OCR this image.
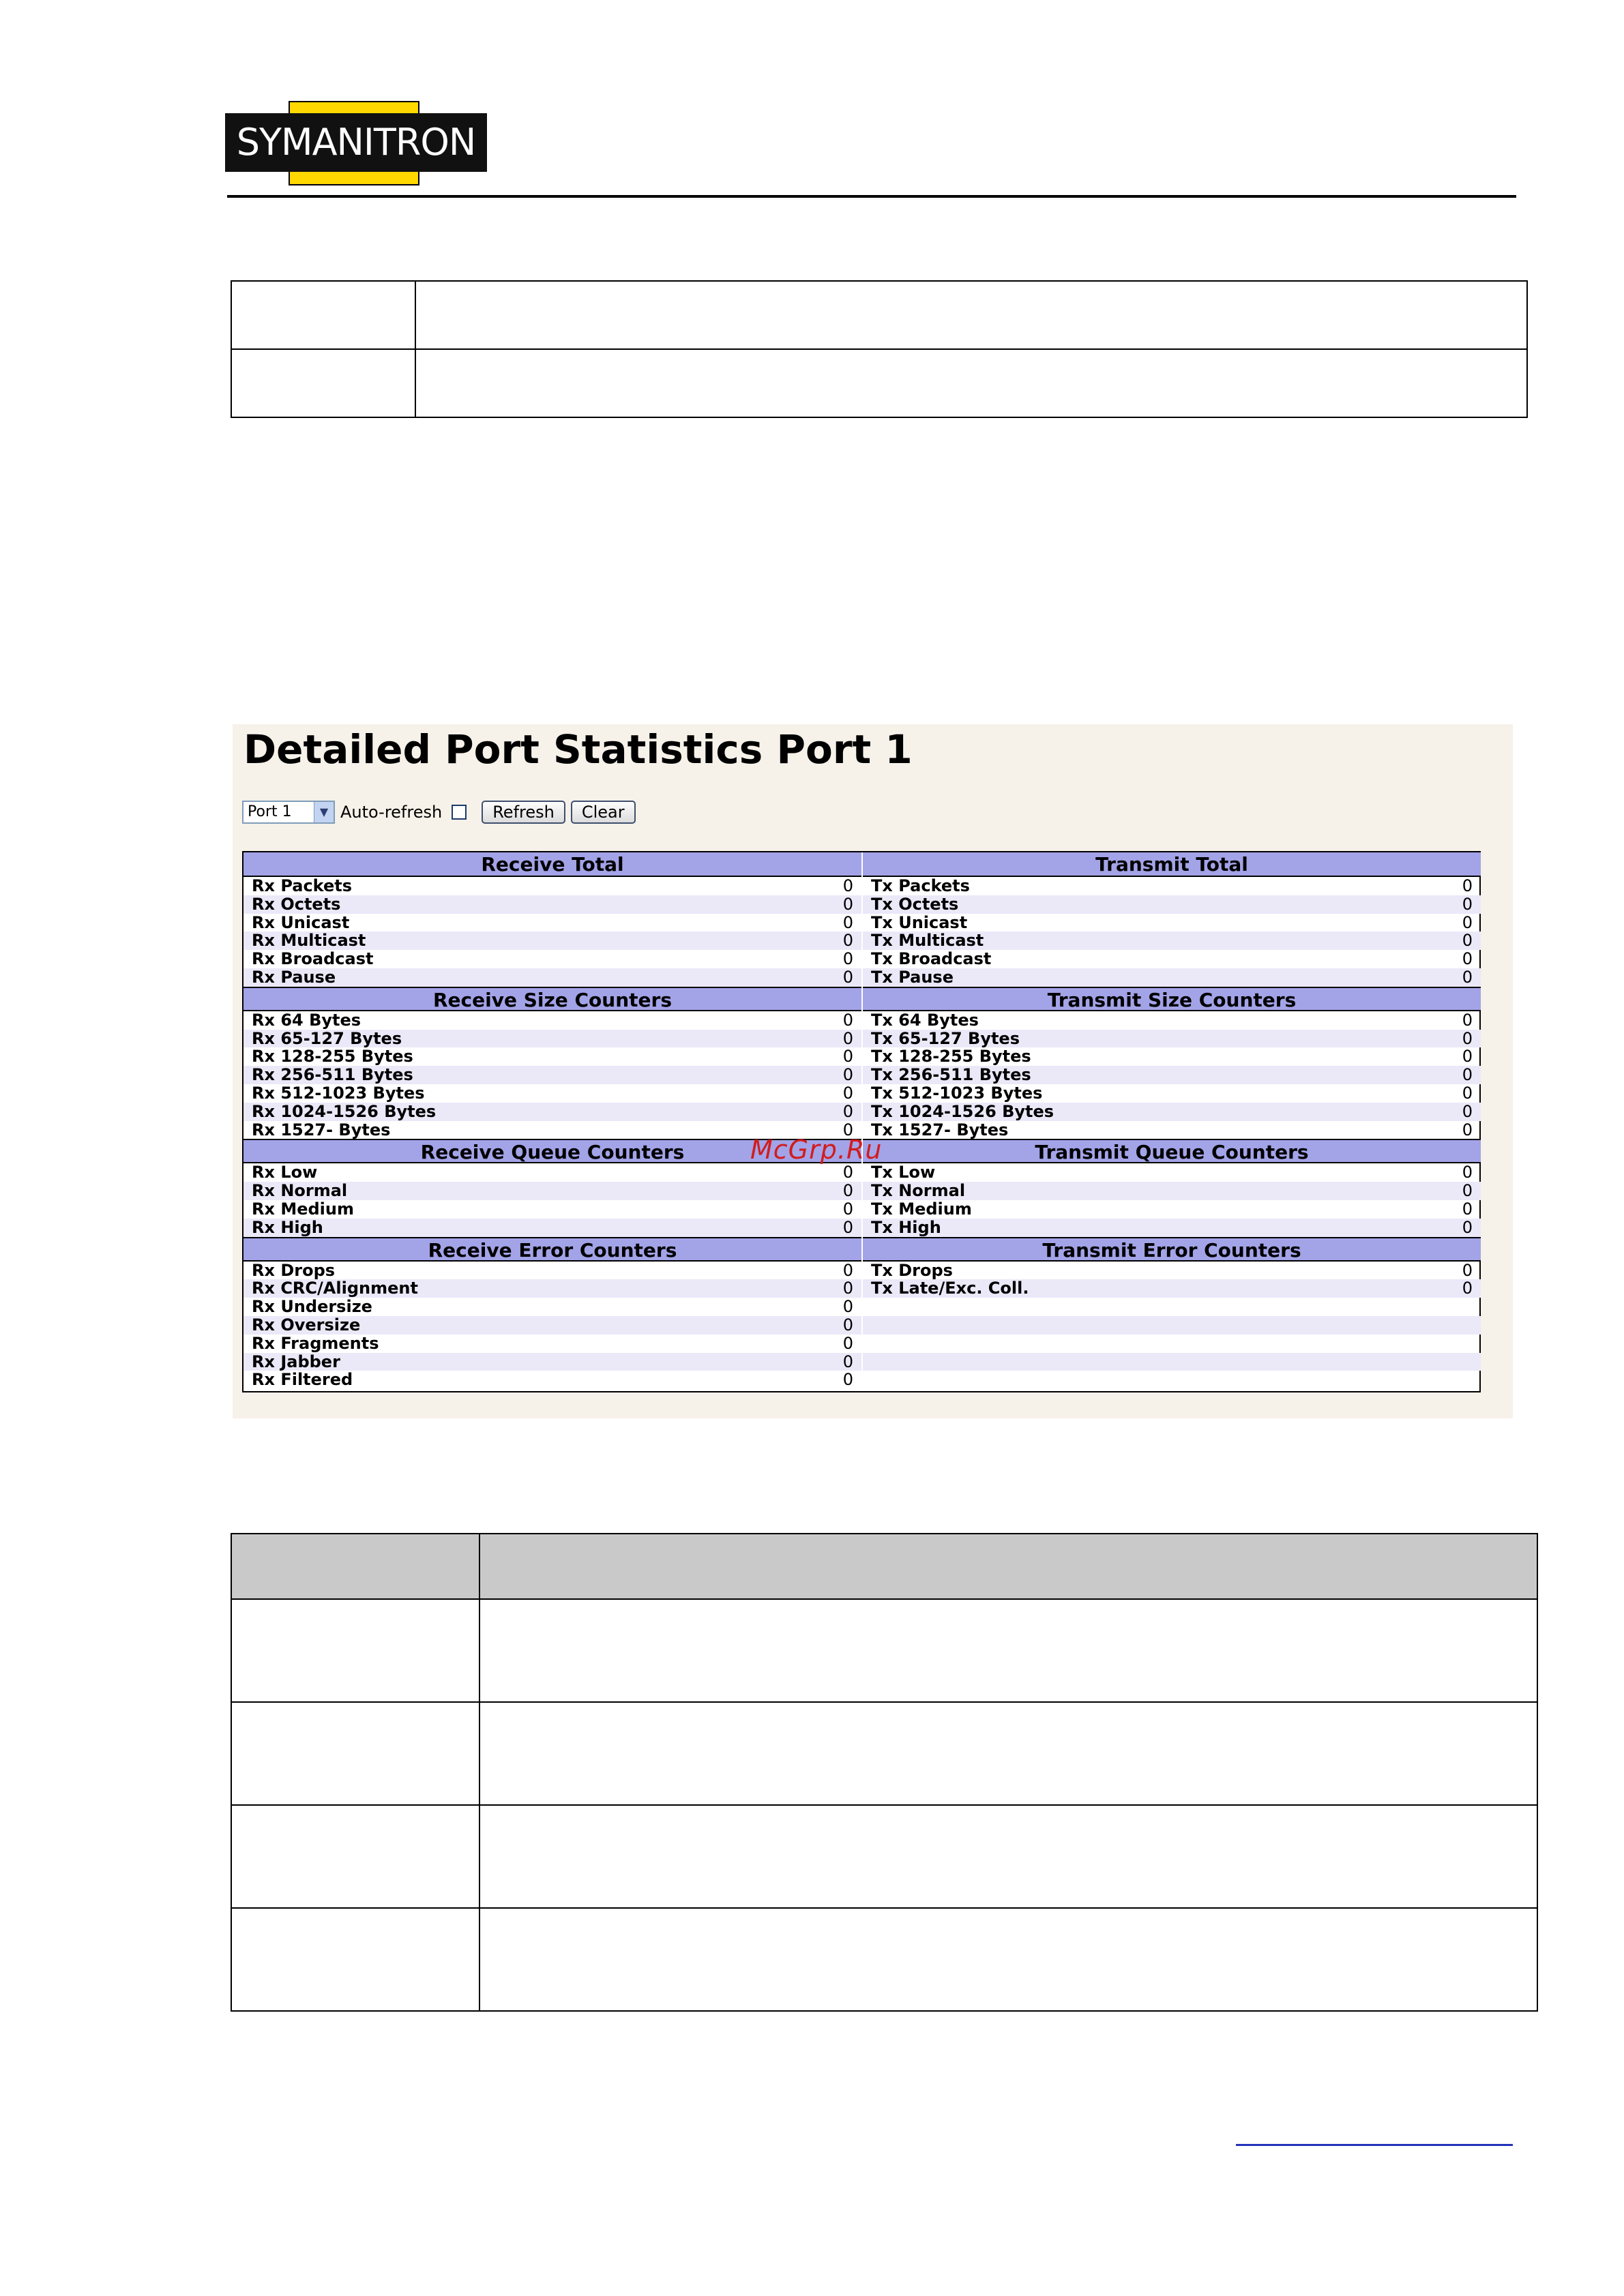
SYMANITRON

Detailed Port Statistics Port 1
Port 1	▼ Auto-refresh	Refresh	Clear
Receive Total
Rx Packets	0
Rx Octets	0
Rx Unicast	0
Rx Multicast	0
Rx Broadcast	0
Rx Pause	0
Receive Size Counters
Rx 64 Bytes	0
Rx 65-127 Bytes	0
Rx 128-255 Bytes	0
Rx 256-511 Bytes	0
Rx 512-1023 Bytes	0
Rx 1024-1526 Bytes	0
Rx 1527- Bytes	0
Receive Queue Counters
Rx Low	0
Rx Normal	0
Rx Medium	0
Rx High	0
Receive Error Counters
Rx Drops	0
Rx CRC/Alignment	0
Rx Undersize	0
Rx Oversize	0
Rx Fragments	0
Rx Jabber	0
Rx Filtered	0
Transmit Total
Tx Packets	0
Tx Octets	0
Tx Unicast	0
Tx Multicast	0
Tx Broadcast	0
Tx Pause	0
Transmit Size Counters
Tx 64 Bytes	0
Tx 65-127 Bytes	0
Tx 128-255 Bytes	0
Tx 256-511 Bytes	0
Tx 512-1023 Bytes	0
Tx 1024-1526 Bytes	0
Tx 1527- Bytes	0
Transmit Queue Counters
Tx Low	0
Tx Normal	0
Tx Medium	0
Tx High	0
Transmit Error Counters
Tx Drops	0
Tx Late/Exc. Coll.	0
McGrp.Ru
